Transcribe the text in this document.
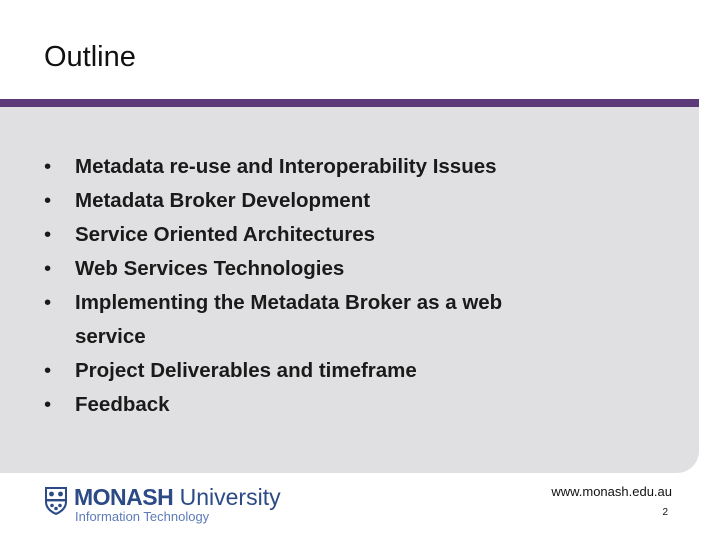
Outline
• Metadata re-use and Interoperability Issues
• Metadata Broker Development
• Service Oriented Architectures
• Web Services Technologies
• Implementing the Metadata Broker as a web service
• Project Deliverables and timeframe
• Feedback
MONASH University
Information Technology
www.monash.edu.au
2
